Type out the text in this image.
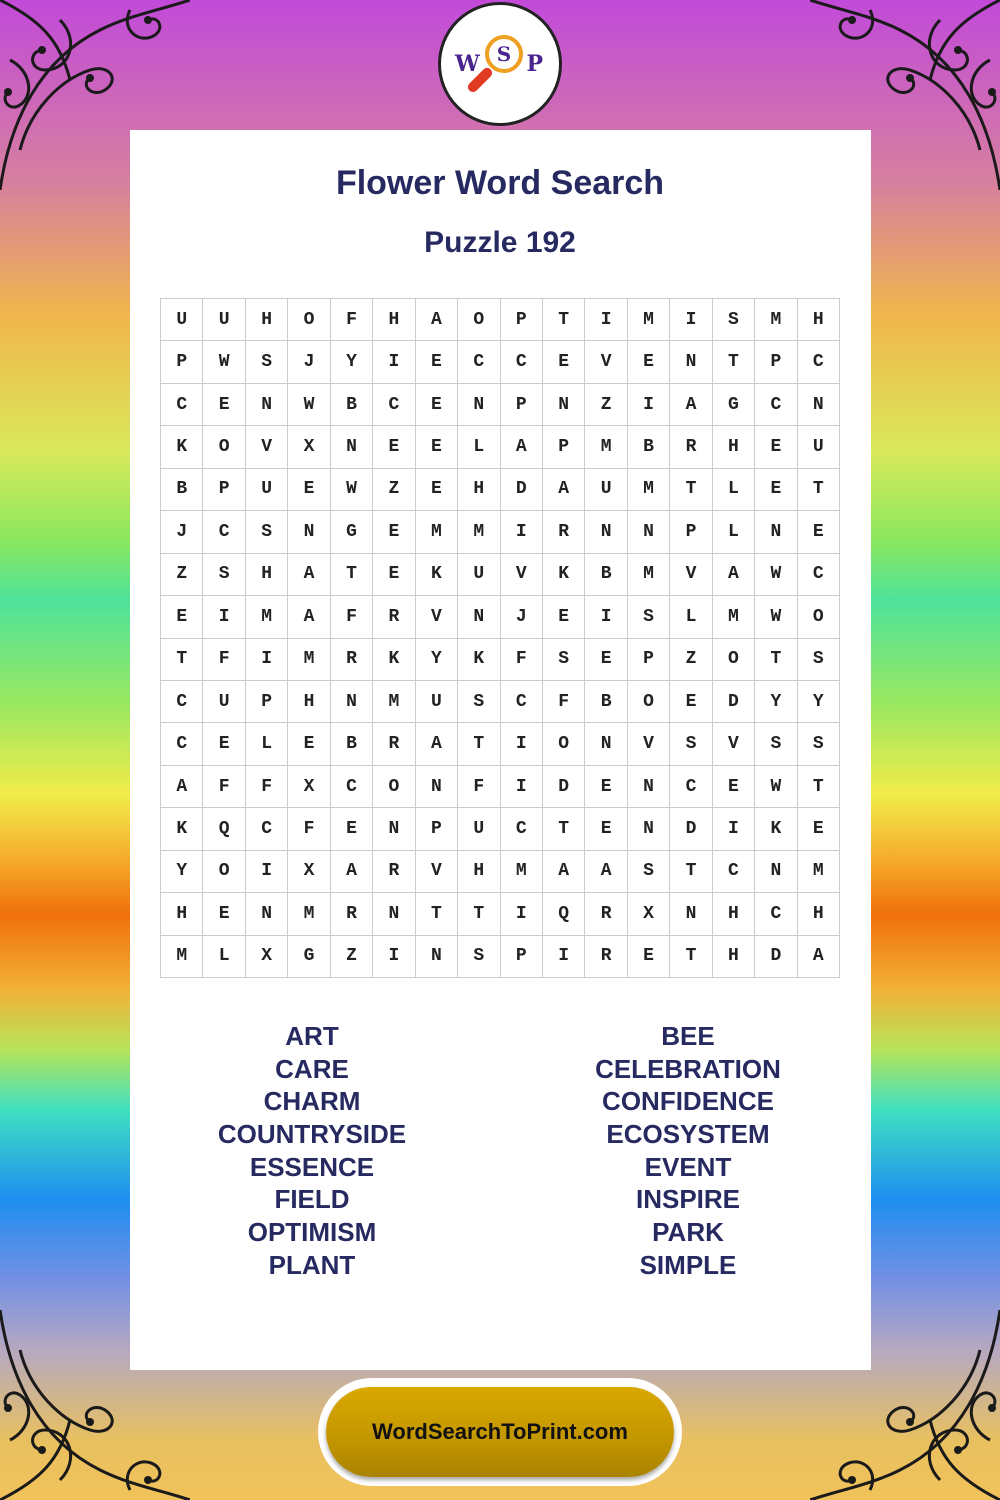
W S P
Flower Word Search
Puzzle 192
U	U	H	O	F	H	A	O	P	T	I	M	I	S	M	H
P	W	S	J	Y	I	E	C	C	E	V	E	N	T	P	C
C	E	N	W	B	C	E	N	P	N	Z	I	A	G	C	N
K	O	V	X	N	E	E	L	A	P	M	B	R	H	E	U
B	P	U	E	W	Z	E	H	D	A	U	M	T	L	E	T
J	C	S	N	G	E	M	M	I	R	N	N	P	L	N	E
Z	S	H	A	T	E	K	U	V	K	B	M	V	A	W	C
E	I	M	A	F	R	V	N	J	E	I	S	L	M	W	O
T	F	I	M	R	K	Y	K	F	S	E	P	Z	O	T	S
C	U	P	H	N	M	U	S	C	F	B	O	E	D	Y	Y
C	E	L	E	B	R	A	T	I	O	N	V	S	V	S	S
A	F	F	X	C	O	N	F	I	D	E	N	C	E	W	T
K	Q	C	F	E	N	P	U	C	T	E	N	D	I	K	E
Y	O	I	X	A	R	V	H	M	A	A	S	T	C	N	M
H	E	N	M	R	N	T	T	I	Q	R	X	N	H	C	H
M	L	X	G	Z	I	N	S	P	I	R	E	T	H	D	A
ART
CARE
CHARM
COUNTRYSIDE
ESSENCE
FIELD
OPTIMISM
PLANT
BEE
CELEBRATION
CONFIDENCE
ECOSYSTEM
EVENT
INSPIRE
PARK
SIMPLE
WordSearchToPrint.com
